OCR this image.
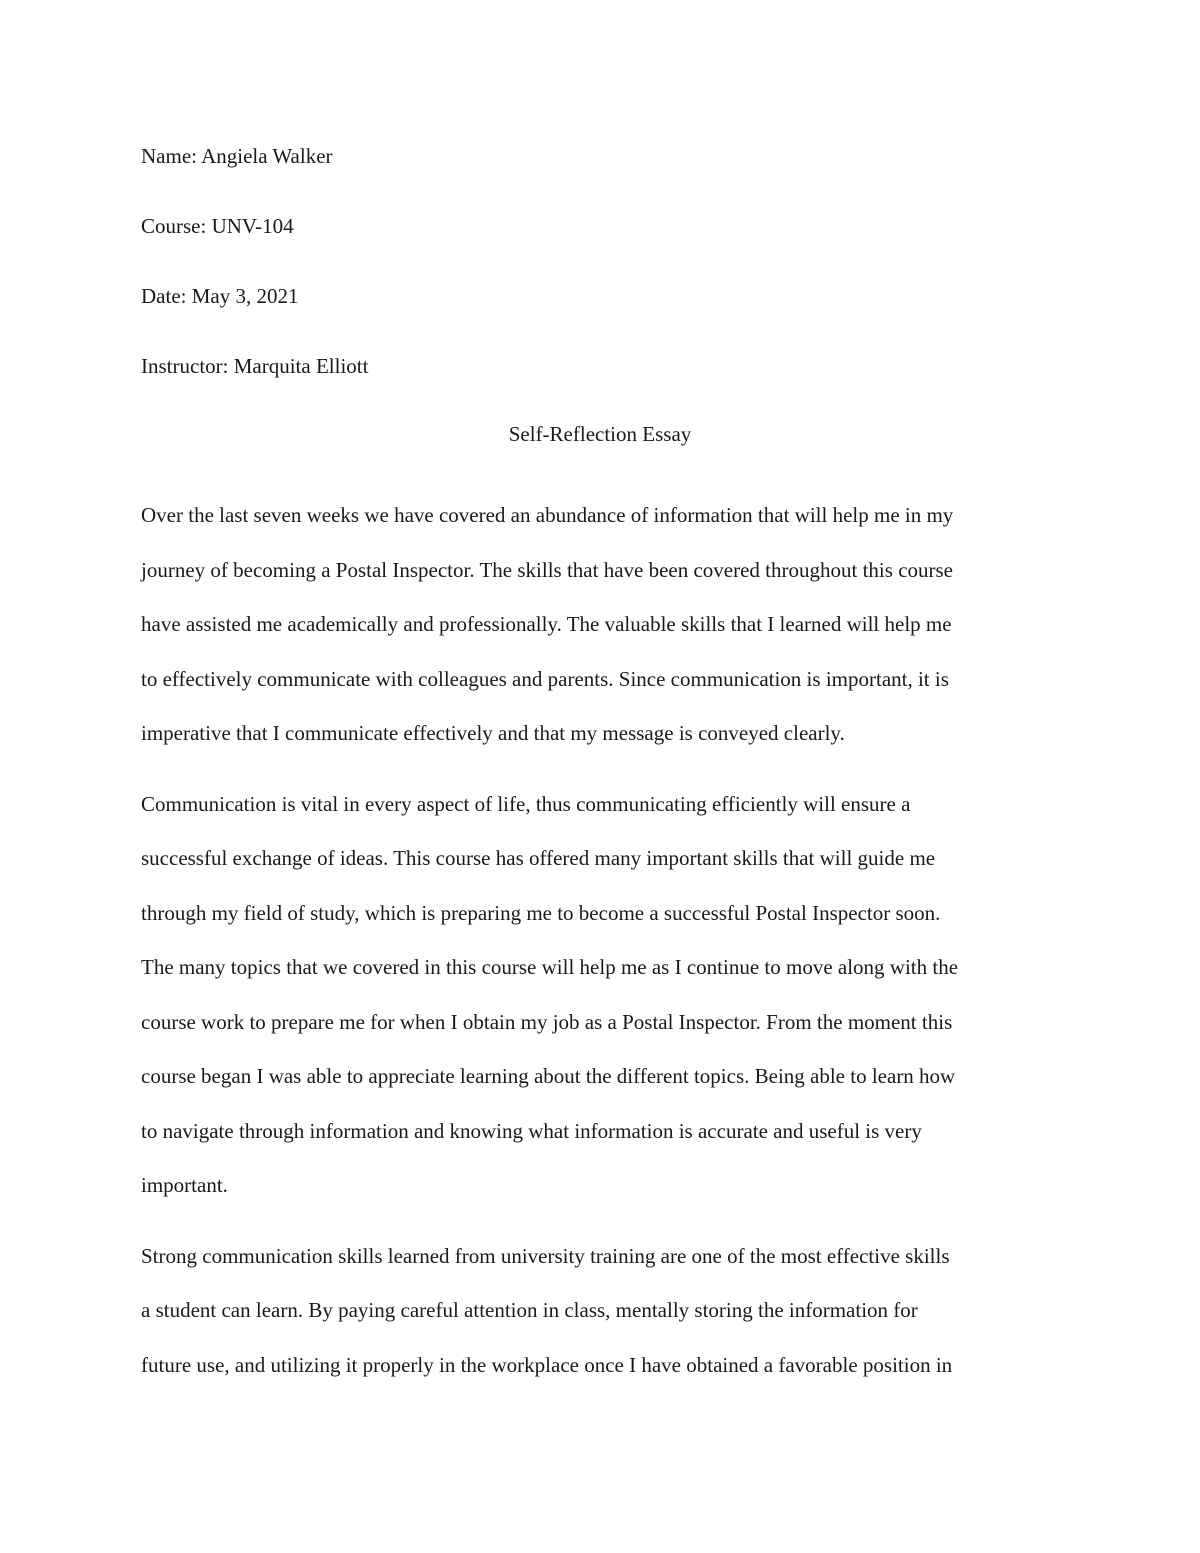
Name: Angiela Walker
Course: UNV-104
Date: May 3, 2021
Instructor: Marquita Elliott
Self-Reflection Essay
Over the last seven weeks we have covered an abundance of information that will help me in my
journey of becoming a Postal Inspector. The skills that have been covered throughout this course
have assisted me academically and professionally. The valuable skills that I learned will help me
to effectively communicate with colleagues and parents. Since communication is important, it is
imperative that I communicate effectively and that my message is conveyed clearly.
Communication is vital in every aspect of life, thus communicating efficiently will ensure a
successful exchange of ideas. This course has offered many important skills that will guide me
through my field of study, which is preparing me to become a successful Postal Inspector soon.
The many topics that we covered in this course will help me as I continue to move along with the
course work to prepare me for when I obtain my job as a Postal Inspector. From the moment this
course began I was able to appreciate learning about the different topics. Being able to learn how
to navigate through information and knowing what information is accurate and useful is very
important.
Strong communication skills learned from university training are one of the most effective skills
a student can learn. By paying careful attention in class, mentally storing the information for
future use, and utilizing it properly in the workplace once I have obtained a favorable position in
